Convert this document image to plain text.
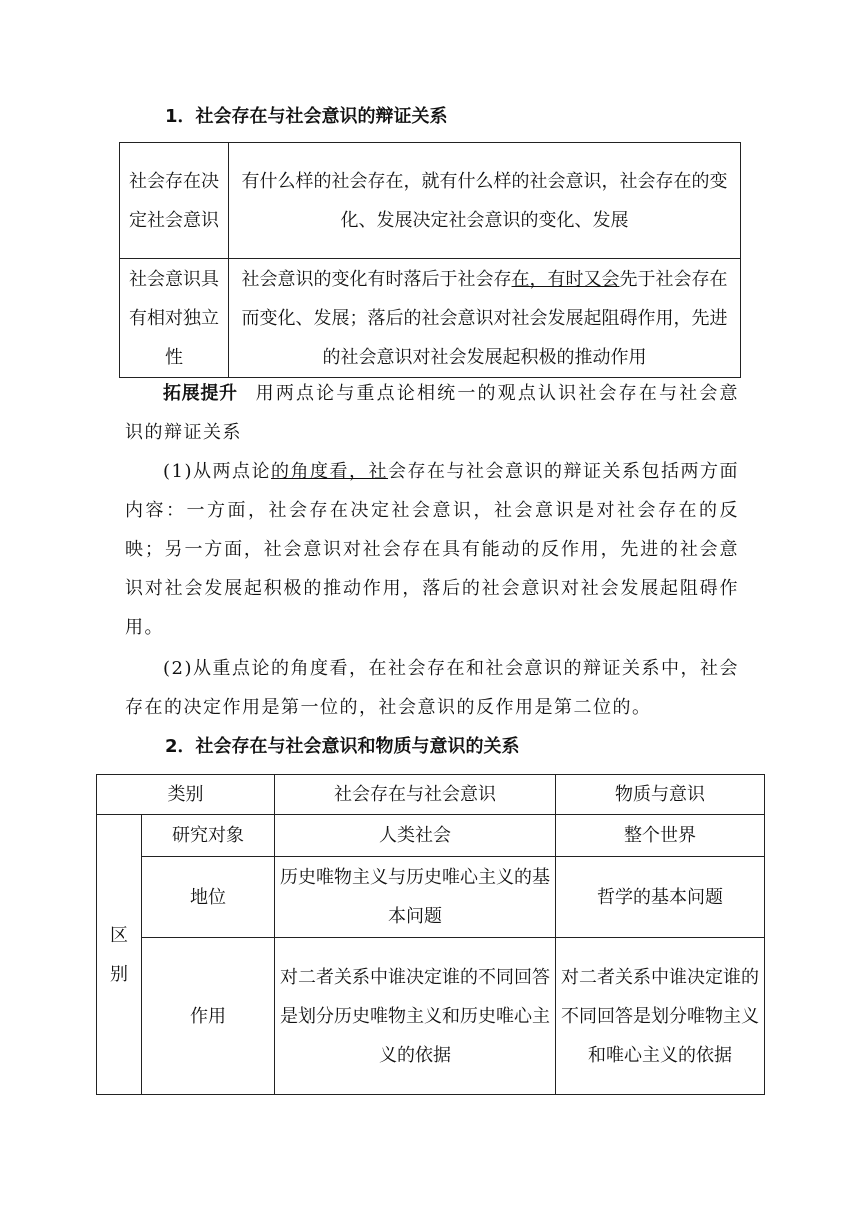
1．社会存在与社会意识的辩证关系
社会存在决定社会意识	有什么样的社会存在，就有什么样的社会意识，社会存在的变化、发展决定社会意识的变化、发展
社会意识具有相对独立性	社会意识的变化有时落后于社会存在，有时又会先于社会存在而变化、发展；落后的社会意识对社会发展起阻碍作用，先进的社会意识对社会发展起积极的推动作用
拓展提升 用两点论与重点论相统一的观点认识社会存在与社会意识的辩证关系
(1)从两点论的角度看，社会存在与社会意识的辩证关系包括两方面内容：一方面，社会存在决定社会意识，社会意识是对社会存在的反映；另一方面，社会意识对社会存在具有能动的反作用，先进的社会意识对社会发展起积极的推动作用，落后的社会意识对社会发展起阻碍作用。
(2)从重点论的角度看，在社会存在和社会意识的辩证关系中，社会存在的决定作用是第一位的，社会意识的反作用是第二位的。
2．社会存在与社会意识和物质与意识的关系
类别		社会存在与社会意识	物质与意识
区别	研究对象	人类社会	整个世界
	地位	历史唯物主义与历史唯心主义的基本问题	哲学的基本问题
	作用	对二者关系中谁决定谁的不同回答是划分历史唯物主义和历史唯心主义的依据	对二者关系中谁决定谁的不同回答是划分唯物主义和唯心主义的依据
